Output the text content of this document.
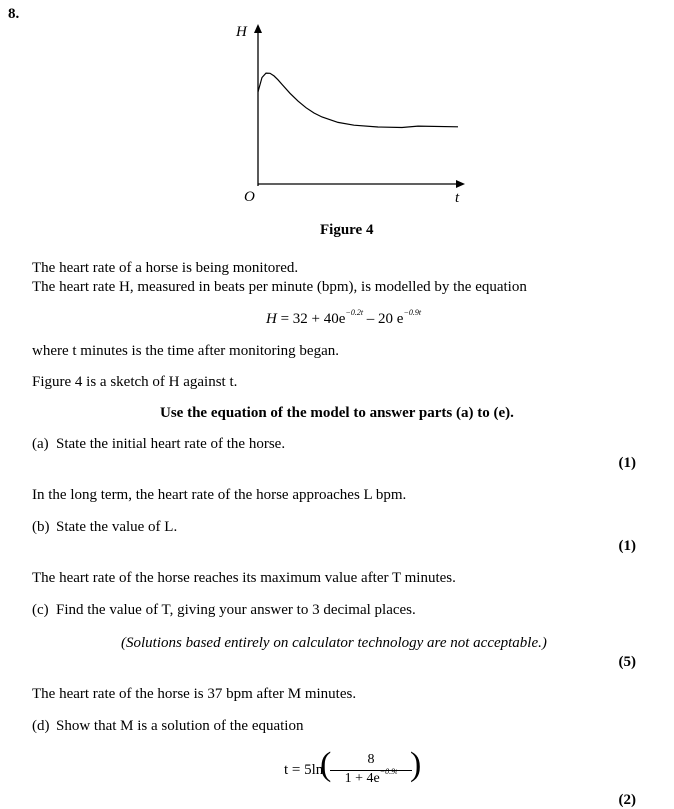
8.
H
t
O
Figure 4
The heart rate of a horse is being monitored.
The heart rate H, measured in beats per minute (bpm), is modelled by the equation
$H = 32 + 40e^{-0.2t} - 20$ $e^{-0.9t}$
where t minutes is the time after monitoring began.
Figure 4 is a sketch of H against t.
Use the equation of the model to answer parts (a) to (e).
(a) State the initial heart rate of the horse.
(1)
In the long term, the heart rate of the horse approaches L bpm.
(b) State the value of L.
(1)
The heart rate of the horse reaches its maximum value after T minutes.
(c) Find the value of T, giving your answer to 3 decimal places.
(Solutions based entirely on calculator technology are not acceptable.)
(5)
The heart rate of the horse is 37 bpm after M minutes.
(d) Show that M is a solution of the equation
t = 5ln
(	8
$1 + 4e^{-0.9t}$ )
(2)
